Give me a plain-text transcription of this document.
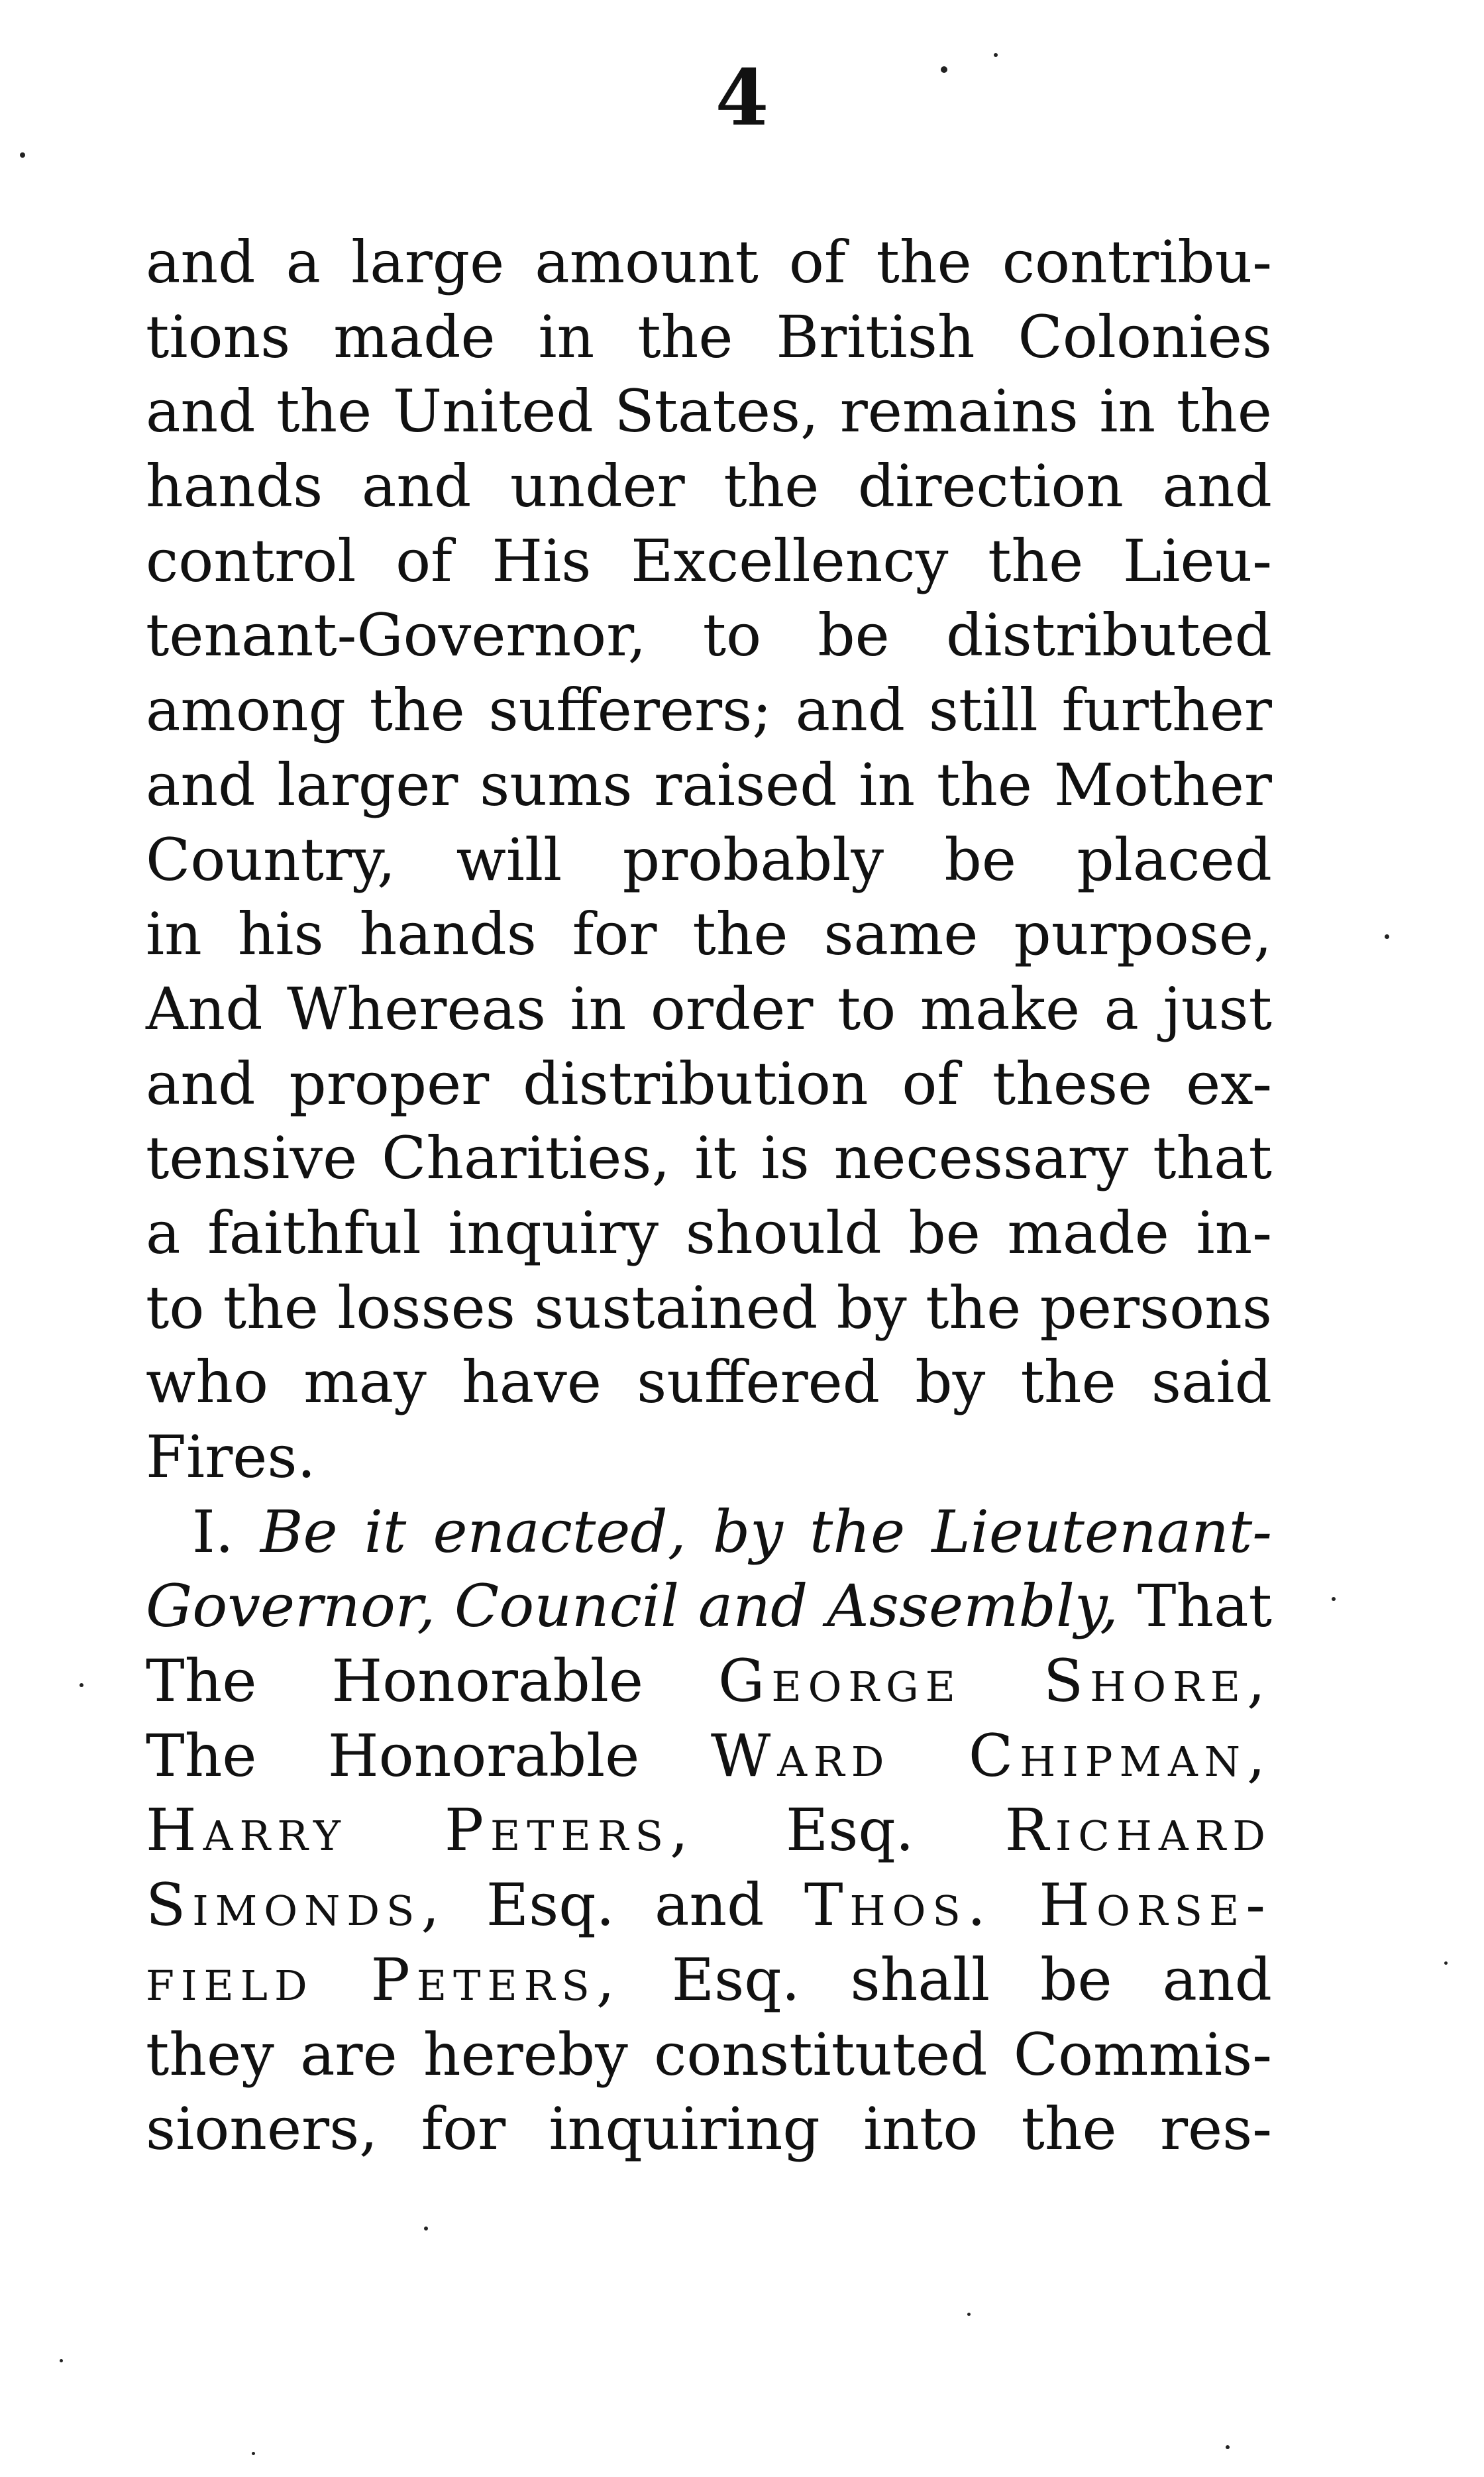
4
and a large amount of the contribu-
tions made in the British Colonies
and the United States, remains in the
hands and under the direction and
control of His Excellency the Lieu-
tenant-Governor, to be distributed
among the sufferers; and still further
and larger sums raised in the Mother
Country, will probably be placed
in his hands for the same purpose,
And Whereas in order to make a just
and proper distribution of these ex-
tensive Charities, it is necessary that
a faithful inquiry should be made in-
to the losses sustained by the persons
who may have suffered by the said
Fires.
I. Be it enacted, by the Lieutenant-
Governor, Council and Assembly, That
The Honorable George Shore,
The Honorable Ward Chipman,
Harry Peters, Esq. Richard
Simonds, Esq. and Thos. Horse-
field Peters, Esq. shall be and
they are hereby constituted Commis-
sioners, for inquiring into the res-
